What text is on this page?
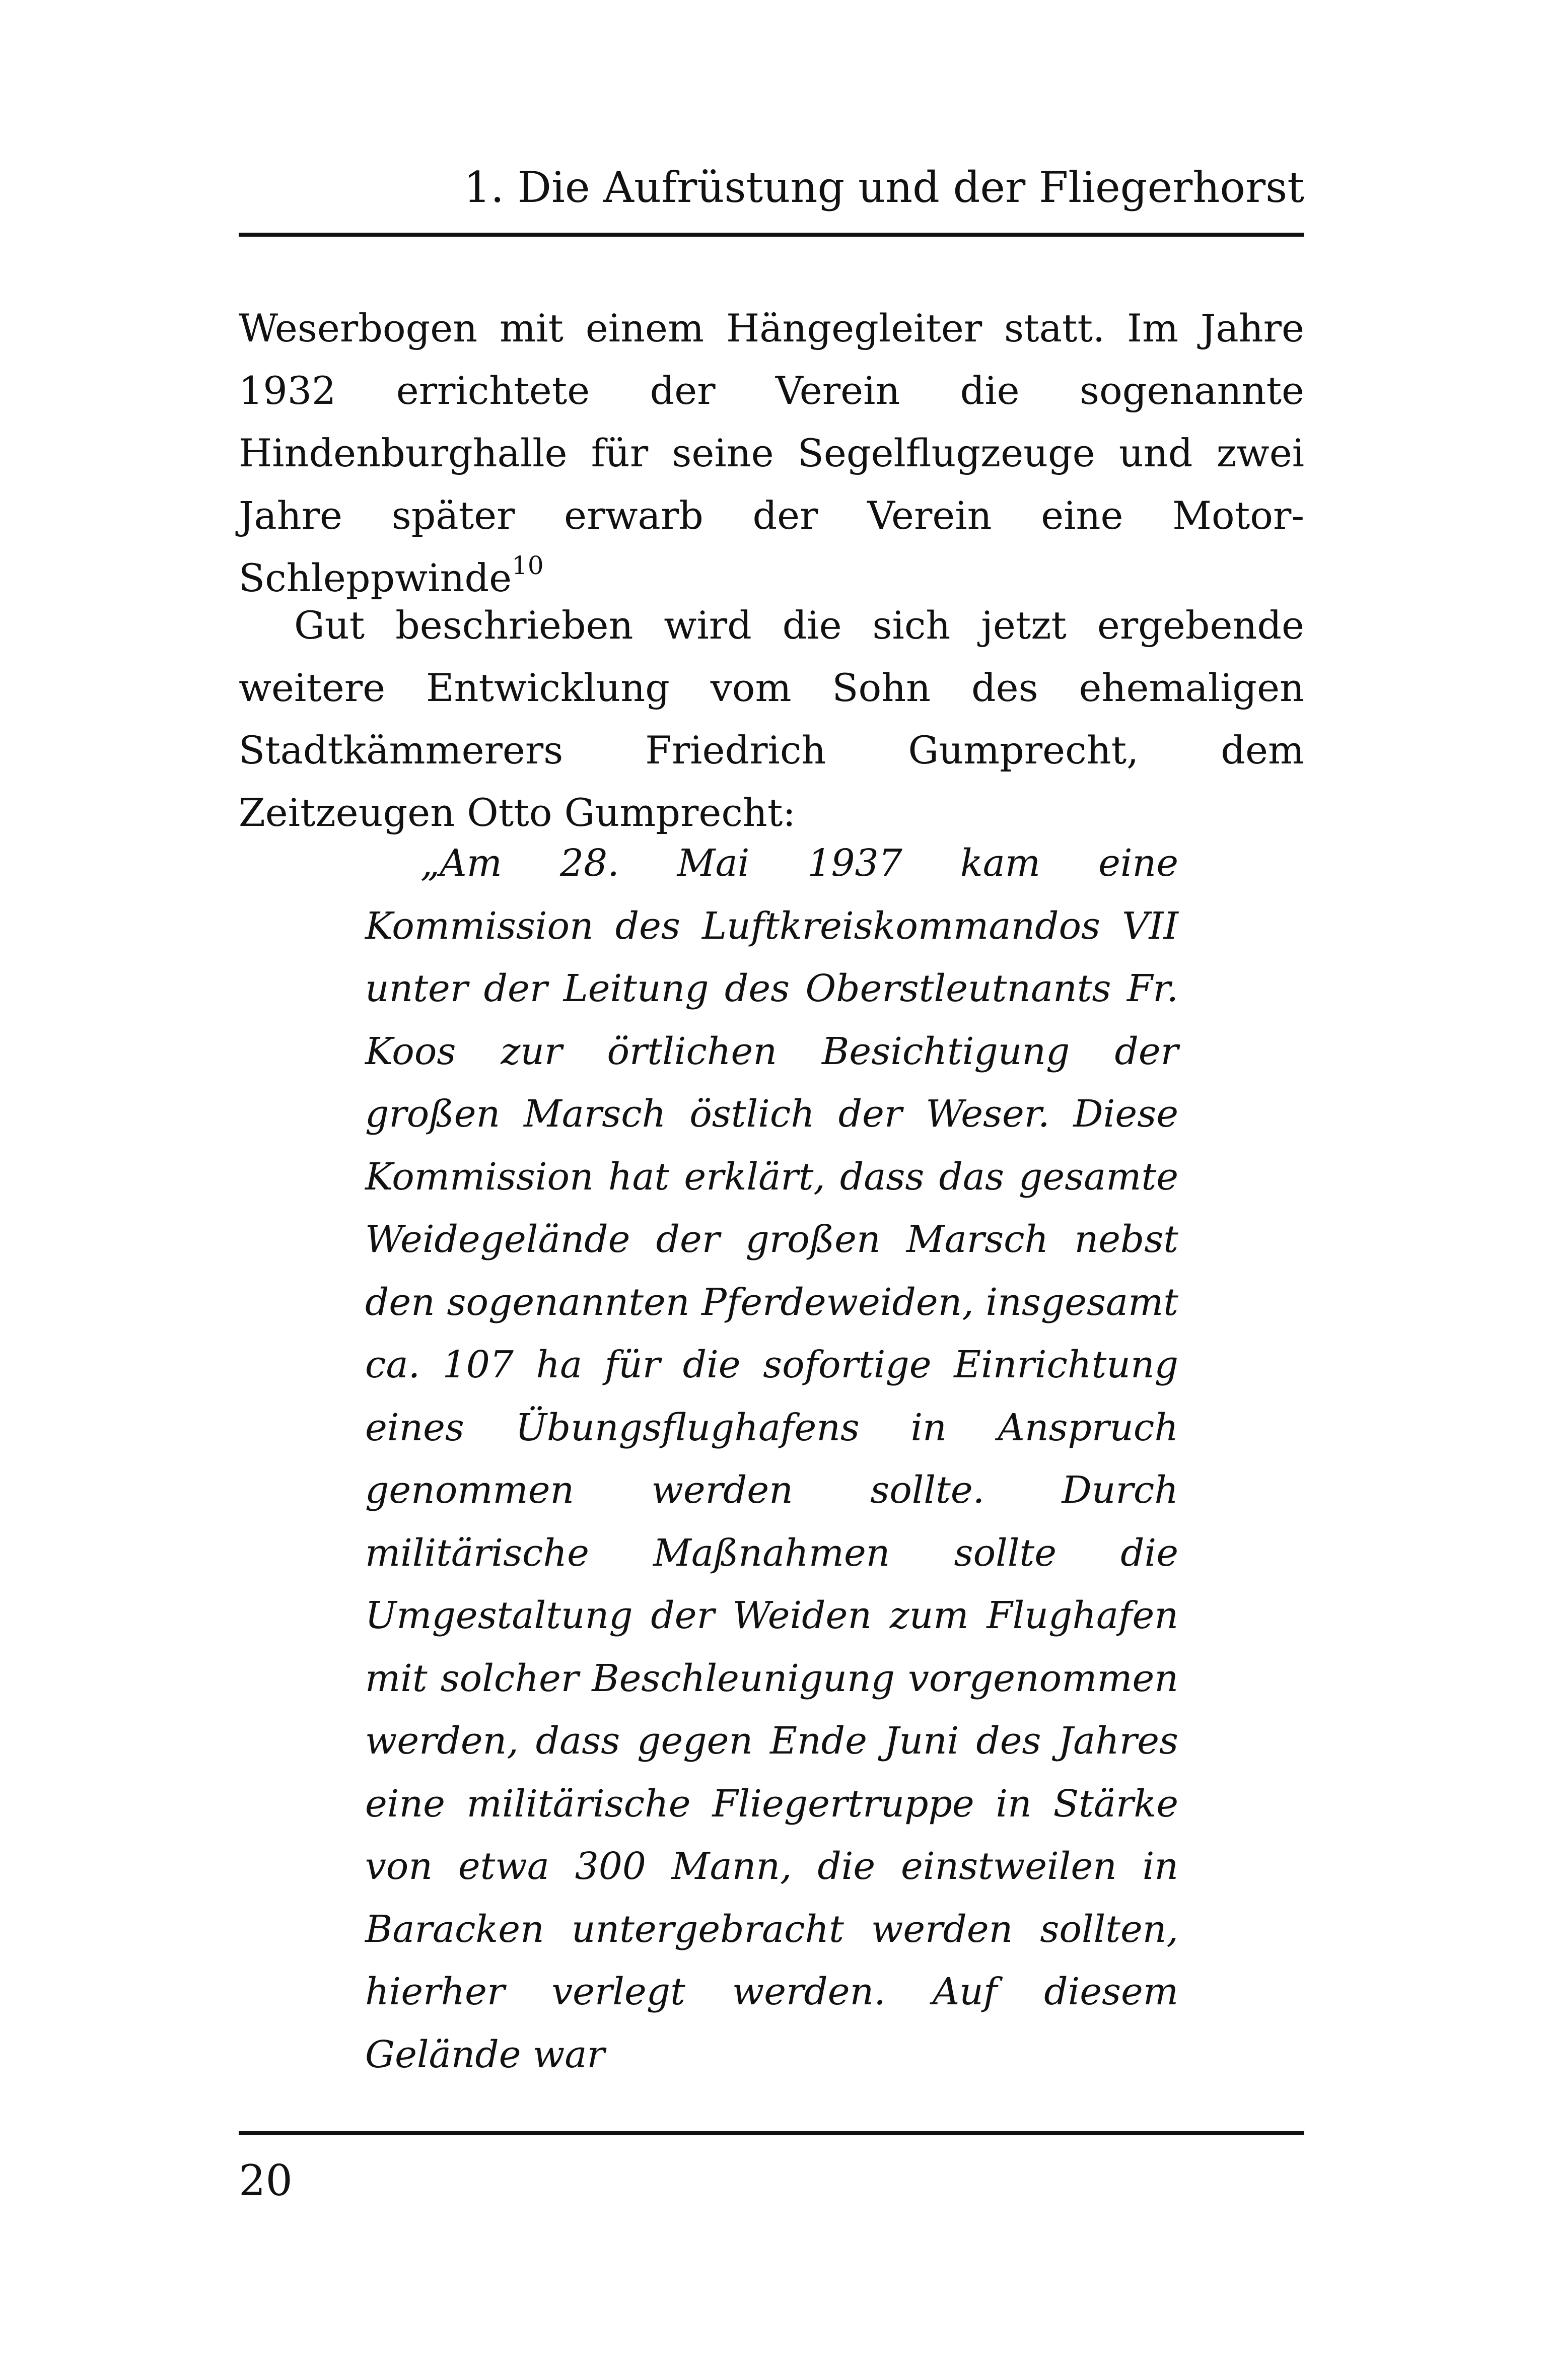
1. Die Aufrüstung und der Fliegerhorst

Weserbogen mit einem Hängegleiter statt. Im Jahre 1932 errichtete der Verein die sogenannte Hindenburghalle für seine Segelflugzeuge und zwei Jahre später erwarb der Verein eine Motor-Schleppwinde$^{10}$

Gut beschrieben wird die sich jetzt ergebende weitere Entwicklung vom Sohn des ehemaligen Stadtkämmerers Friedrich Gumprecht, dem Zeitzeugen Otto Gumprecht:

„Am 28. Mai 1937 kam eine Kommission des Luftkreiskommandos VII unter der Leitung des Oberstleutnants Fr. Koos zur örtlichen Besichtigung der großen Marsch östlich der Weser. Diese Kommission hat erklärt, dass das gesamte Weidegelände der großen Marsch nebst den sogenannten Pferdeweiden, insgesamt ca. 107 ha für die sofortige Einrichtung eines Übungsflughafens in Anspruch genommen werden sollte. Durch militärische Maßnahmen sollte die Umgestaltung der Weiden zum Flughafen mit solcher Beschleunigung vorgenommen werden, dass gegen Ende Juni des Jahres eine militärische Fliegertruppe in Stärke von etwa 300 Mann, die einstweilen in Baracken untergebracht werden sollten, hierher verlegt werden. Auf diesem Gelände war

20
